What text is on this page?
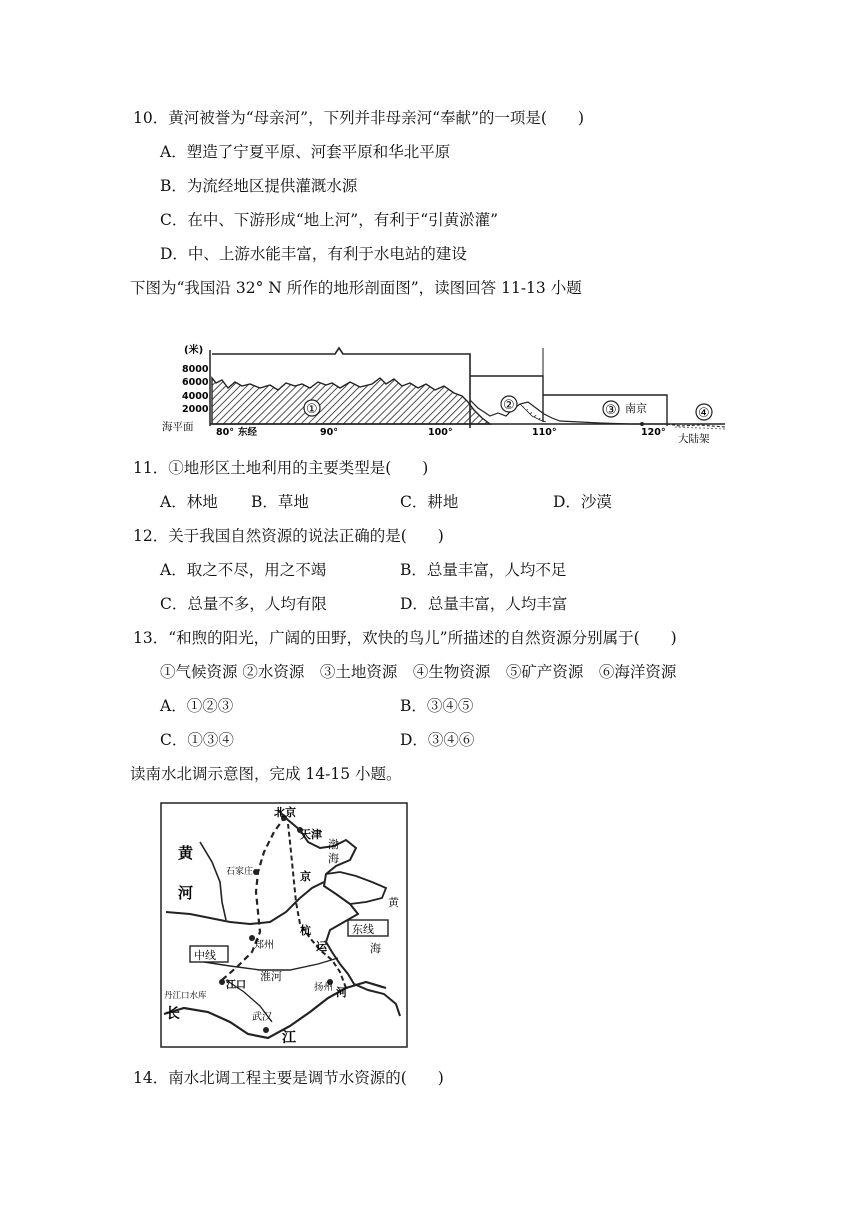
10．黄河被誉为“母亲河”，下列并非母亲河“奉献”的一项是(　　)
A．塑造了宁夏平原、河套平原和华北平原
B．为流经地区提供灌溉水源
C．在中、下游形成“地上河”，有利于“引黄淤灌”
D．中、上游水能丰富，有利于水电站的建设
下图为“我国沿 32° N 所作的地形剖面图”，读图回答 11-13 小题
(米)
8000
6000
4000
2000
海平面
①	②	③ 南京	④
大陆架
80° 东经	90°	100°	110°	120°
11．①地形区土地利用的主要类型是(　　)
A．林地 B．草地	C．耕地	D．沙漠
12．关于我国自然资源的说法正确的是(　　)
A．取之不尽，用之不竭	B．总量丰富，人均不足
C．总量不多，人均有限	D．总量丰富，人均丰富
13．“和煦的阳光，广阔的田野，欢快的鸟儿”所描述的自然资源分别属于(　　)
①气候资源 ②水资源　③土地资源　④生物资源　⑤矿产资源　⑥海洋资源
A．①②③	B．③④⑤
C．①③④	D．③④⑥
读南水北调示意图，完成 14-15 小题。
北京
天津
石家庄
郑州
扬州
武汉
丹江口水库
江口
渤
海
黄
海
黄
河
长
江
京
杭
运
河
淮河
中线
东线
14．南水北调工程主要是调节水资源的(　　)
